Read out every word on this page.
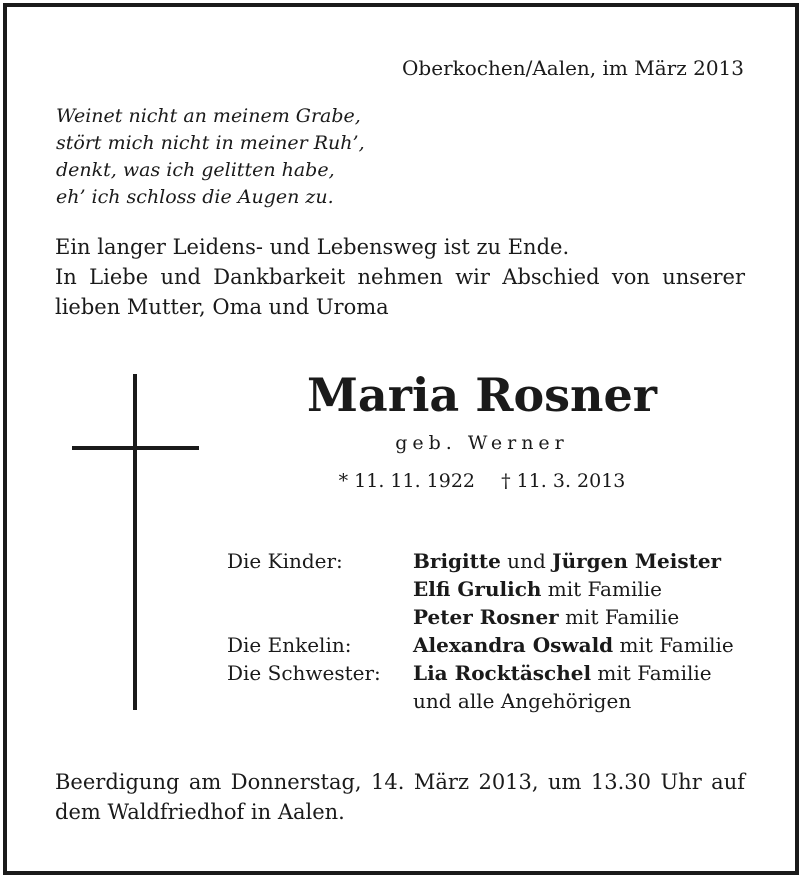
Oberkochen/Aalen, im März 2013
Weinet nicht an meinem Grabe,
stört mich nicht in meiner Ruh’,
denkt, was ich gelitten habe,
eh’ ich schloss die Augen zu.
Ein langer Leidens- und Lebensweg ist zu Ende.
In Liebe und Dankbarkeit nehmen wir Abschied von unserer
lieben Mutter, Oma und Uroma
Maria Rosner
geb. Werner
* 11. 11. 1922 † 11. 3. 2013
Die Kinder:	Brigitte und Jürgen Meister
Elfi Grulich mit Familie
Peter Rosner mit Familie
Die Enkelin:	Alexandra Oswald mit Familie
Die Schwester:	Lia Rocktäschel mit Familie
und alle Angehörigen
Beerdigung am Donnerstag, 14. März 2013, um 13.30 Uhr auf
dem Waldfriedhof in Aalen.
